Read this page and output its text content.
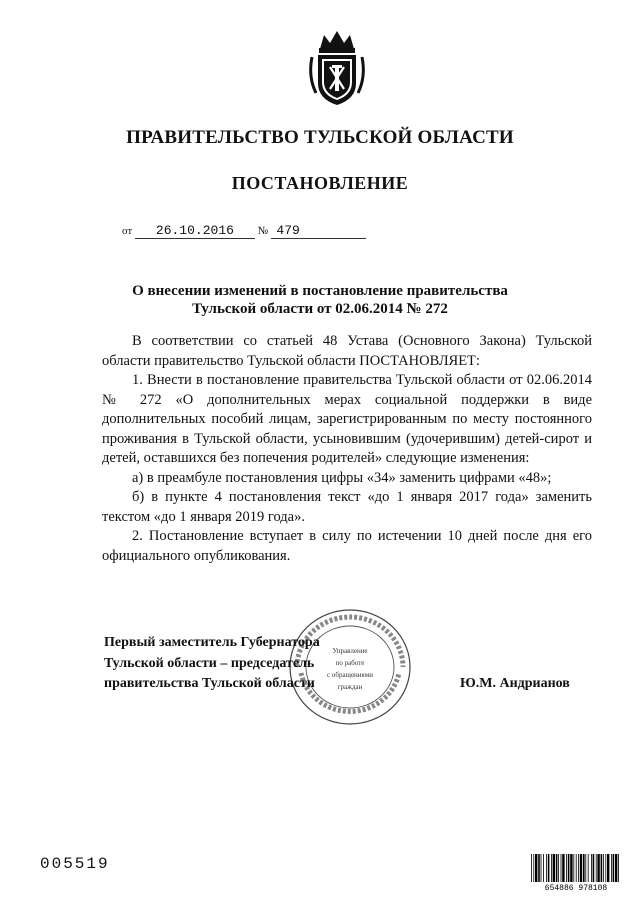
ПРАВИТЕЛЬСТВО ТУЛЬСКОЙ ОБЛАСТИ
ПОСТАНОВЛЕНИЕ
от 26.10.2016 № 479
О внесении изменений в постановление правительства
Тульской области от 02.06.2014 № 272

В соответствии со статьей 48 Устава (Основного Закона) Тульской области правительство Тульской области ПОСТАНОВЛЯЕТ:

1. Внести в постановление правительства Тульской области от 02.06.2014 № 272 «О дополнительных мерах социальной поддержки в виде дополнительных пособий лицам, зарегистрированным по месту постоянного проживания в Тульской области, усыновившим (удочерившим) детей-сирот и детей, оставшихся без попечения родителей» следующие изменения:

а) в преамбуле постановления цифры «34» заменить цифрами «48»;

б) в пункте 4 постановления текст «до 1 января 2017 года» заменить текстом «до 1 января 2019 года».

2. Постановление вступает в силу по истечении 10 дней после дня его официального опубликования.

Управление
по работе
с обращениями
граждан
Первый заместитель Губернатора
Тульской области – председатель
правительства Тульской области	Ю.М. Андрианов
005519
654886 978108
